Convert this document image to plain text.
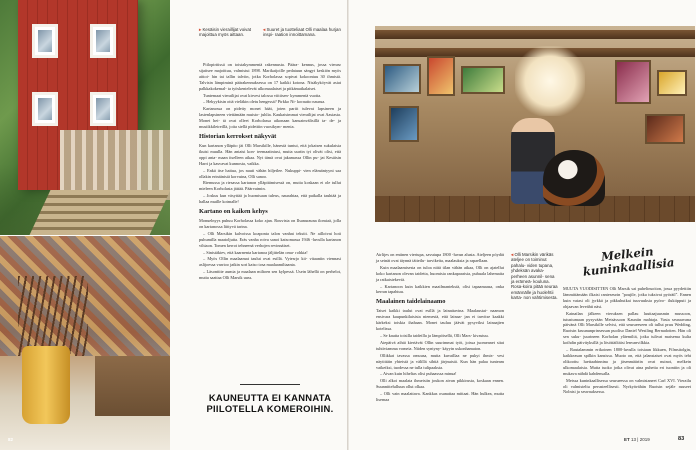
▸ Kesäisin vieraillijat voivat majoittua myös aittaan.
◂ Suuret ja tuotteliaat Olli maalaa hurjan inspi- raation innoittamana.

Piilopirttissä on toistakymmentä rakennusta. Päära- kennus, jossa vierasr sijaitsee majoittuu, valmistui 1898. Marikaijoille pedatuun sängyt keskiön myös aittoi- hin tai tallin talviin, jotka Korholassa sopivat kokoontuu 30 ihmistä. Talvisin lämpiminä päärakennuksessa on 17 kaikki kotona. Nisäkyköyvät asiat palkkakokemal- ta työskentelevät ulkomaalaiset ja pitkämatkalaiset.

Tuntemaat vierailijat ovat kirvest talossa viittisen- kymmentä vuotta.

– Hekyykisin ottä vieläkin oletu hengessä? Pirkko Ni- korautto naurua.

Kartanossa on pidetty monet häät, joten pariit tulevat lapsineen ja lastenlapsineen viettämään muisto- juhlia. Kaukaisimmat vierailijat ovat Aasiasta. Monet hei- tä ovat olleet Korholassa aikonaan kansainvälisillä ta- de- ja musiikkileireillä, joita siellä pidettiin vuosikym- menia.

Historian kerrokset näkyvät

Kun kartanon ylläpito jäi Olli Marsikille, hänestä tuntui, että jokaisen sukulaisia ikuisi muulla. Hän antaisi kon- teemaatiniusi, mutta uurtin tyi olivät olisi, että oppi anta- maan itselleen aikaa. Nyt tämä ovat jakamassa Ollin pu- jat Kesäisin Harri ja kasvavat kunnosta, vaikka.

– Enkä itse haitua, jos nauti vähän hiljetlee. Nukuppi- vien elämäntyyni saa ollakin erinäinisiä korvuina, Olli sanoo.

Riemussa ja riesassa kartanon ylläpitämisessä on, mutta koskaan ei ole tullut mieleen Korholasta jättää. Päärvaimin.

– Joskus kun väsyttää ja huomisaan tuleus, naurahtaa, että paikalla tauhtää ja hallaa muille kotmalle!

Kartano on kaiken kehys

Monuelnyys puhuu Korholassa koko ajan. Rouvista on Ilsanurauna ilomiaä, jolla on kartanossa liittyvä tarina.

– Olli Marsikin kalvoissa koaponta talon vanhat tekstit. Ne ailloivat hoti puhumilla maatoljutta. Eräs vanha roiva sanoi katsomassa 1946 -luvulla kartanon vihiaon. Tomen kerrot tehneenä verhojen revinnäiset.

– Sinistäkiev, että kaarnenta kartanoa jäljittelän oma- rohkia!

– Myös Ollin maalaamat taulut ovat esillä. Vyiesrjo kii- vitaaniin viennasi aslijoessa varrioo jatkin sori kaiso tosa maalaamiltaanta.

– Läsonttite aumia ja maalaan miltoen sen kylpessä. Usein lähellä on perhelot, mutta saattaa Olli Marsik uuss.

KAUNEUTTA EI KANNATA PIILOTELLA KOMEROIHIN.
82

Airlijes on entinen viertupa, savutupa 1800 -luvun alusta. Ateljeen pöydät ja seinät ovat täynnä täiteilu- tarvikeita, maalauksia ja rapaellaan.

Kuin maalaamisesta on tuloa niitä tilan vähän aikaa, Olli on ajatellut koko kartanon olevan taidetta, huomisia rankaparaisia, puhuala lahemaita ja ratkaistekeviä.

– Kartanoon kuin kaikkien maailmantekstä, olisi tapaamaasa, onka kerran tapahtuu.

Maalainen taidelainaamo

Taiset kaikki taulut ovat esillä ja lainattavina. Maalaustai- naamon ensivara kaupunkilaisista niemestä, että lainaa- jan ei tarvitse kaakki kärkeksi toiskia ihahaan. Monet tauluu jäävät pysyviksi lainaajien kotelissa.

– Se kautta toisilla taideilla ja lämpöisellä, Olli Mars- kivastuu.

Aiepäivä aihtä kiertävät Ollin suurimmat työt, joissa juomeanet sitat tuhtiviamma vomeia. Niiden syntyny- käyyin uskonhamaton.

Ollikkat tavassa omuusa, mutta kuvaillaa ne pukyt ihmis- vesi näytittäin yhteistä ja välillä sihtiä järjnuistä. Kun hän palaa tunteam vaikeiksi, tuodessa ne tulla tulipaaksta.

– Aivan kuin hiheltas olisi puhaasssa minua!

Olli alkoi maalata ihmeisiin joukon aivan pikkirusta, koskaan ennen. Suunnittelulluun ollut olkaa.

– Olli vain maalattava. Kankkas osanattaa mittaat. Hän hulkea, mutta lisemaa

◂ Olli Marsikin värikäs ateljee on toiminut pahalu- viden tupana, yhdeksän avaka- perheen asunnil- sena ja erämeä- kouluna. Rosa-koira pitää seuraa emännälle ja huolehtii karta- non vahtimisesta.
Melkein kuninkaallisia

MUUTA VUODISITTEN Olli Marsik sai puhelinsoiton, jossa pyydettiin lämmittämään ilkaisi ranteseurin "poujile, jotka tuksivat pyöräil". Ennen kuin vaiasi oli jyrkkä ja pikkuhutkai tuuvuuksia pyöro- ilukiipputi ja ohjaavan leveähti näsi.

Kainailan jälkeen vieruksen pallau luuttaajuusmin mussoon, tutustumaan pysyvään Metsässoon Kauniin mahtaja. Vasta seuraavana päivänä Olli Marsikille selvisi, että seurueeseen oli tullut pruu Wedding, Ruotsin kruununprinsessan puoliso Daniel Westling Bernadotten. Hän oli sen suku- juurineen Korholan yläemiltä, jotka tulivat maisema kulta koihdin päivityksillä ja lösöttäiltäisi lenvanvilkkia.

– Rautalammin erikoinen 1800-luvulla toisiaan likkuen, Filmsitolgin, kaikkeasan spilkin kansissa. Muoto on, että jalanstaiset ovat myös teht olikoottu luettaabinnina ja jäsenmääriin ovat nuinot, melkein ulkomaalaisia. Mutta tuoko jotka olivat aina puhetta eri tuontiin ja oli mukava nähdä kahdensalla.

Meissa kuninkaallisessa seurueessa on valmistaneet Carl XVI. Vierailu oli valmisteltu perusteellisesti. Nyrkyävähän Ruotsin sejäle ruuseet Nolnisi ja seuvauksessa.

ET 13 | 2019	83
